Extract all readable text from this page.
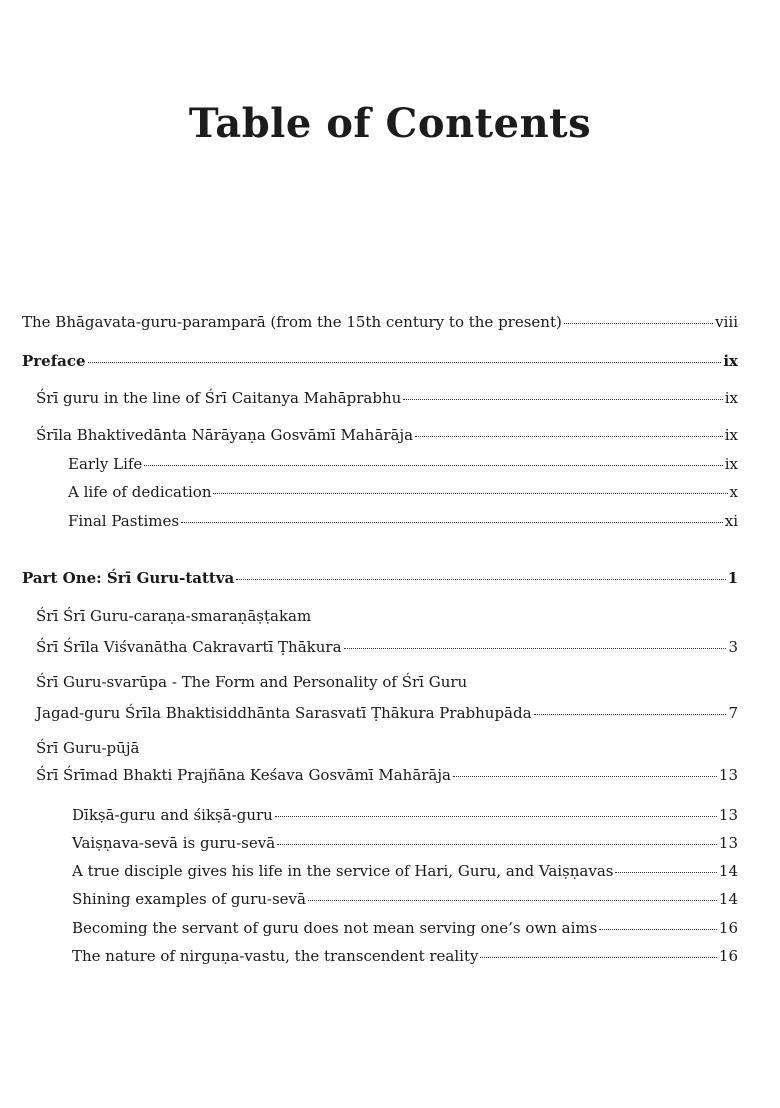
Table of Contents
The Bhāgavata-guru-paramparā (from the 15th century to the present)	viii
Preface	ix
Śrī guru in the line of Śrī Caitanya Mahāprabhu	ix
Śrīla Bhaktivedānta Nārāyaṇa Gosvāmī Mahārāja	ix
Early Life	ix
A life of dedication	x
Final Pastimes	xi
Part One: Śrī Guru-tattva	1
Śrī Śrī Guru-caraṇa-smaraṇāṣṭakam
Śrī Śrīla Viśvanātha Cakravartī Ṭhākura	3
Śrī Guru-svarūpa - The Form and Personality of Śrī Guru
Jagad-guru Śrīla Bhaktisiddhānta Sarasvatī Ṭhākura Prabhupāda	7
Śrī Guru-pūjā
Śrī Śrīmad Bhakti Prajñāna Keśava Gosvāmī Mahārāja	13
Dīkṣā-guru and śikṣā-guru	13
Vaiṣṇava-sevā is guru-sevā	13
A true disciple gives his life in the service of Hari, Guru, and Vaiṣṇavas	14
Shining examples of guru-sevā	14
Becoming the servant of guru does not mean serving one’s own aims	16
The nature of nirguṇa-vastu, the transcendent reality	16
